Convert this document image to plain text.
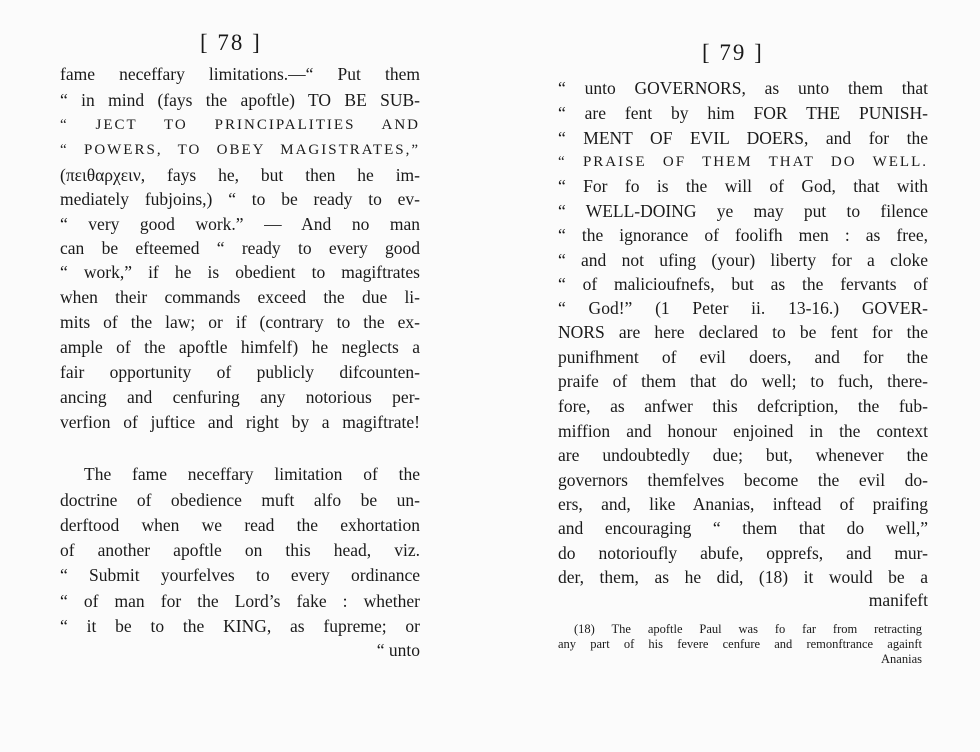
[ 78 ]
fame neceffary limitations.—“ Put them
“ in mind (fays the apoftle) TO BE SUB-
“ JECT TO PRINCIPALITIES AND
“ POWERS, TO OBEY MAGISTRATES,”
(πειθαρχειν, fays he, but then he im-
mediately fubjoins,) “ to be ready to ev-
“ very good work.” — And no man
can be efteemed “ ready to every good
“ work,” if he is obedient to magiftrates
when their commands exceed the due li-
mits of the law; or if (contrary to the ex-
ample of the apoftle himfelf) he neglects a
fair opportunity of publicly difcounten-
ancing and cenfuring any notorious per-
verfion of juftice and right by a magiftrate!
The fame neceffary limitation of the
doctrine of obedience muft alfo be un-
derftood when we read the exhortation
of another apoftle on this head, viz.
“ Submit yourfelves to every ordinance
“ of man for the Lord’s fake : whether
“ it be to the KING, as fupreme; or
“ unto
[ 79 ]
“ unto GOVERNORS, as unto them that
“ are fent by him FOR THE PUNISH-
“ MENT OF EVIL DOERS, and for the
“ PRAISE OF THEM THAT DO WELL.
“ For fo is the will of God, that with
“ WELL-DOING ye may put to filence
“ the ignorance of foolifh men : as free,
“ and not ufing (your) liberty for a cloke
“ of malicioufnefs, but as the fervants of
“ God!” (1 Peter ii. 13-16.) GOVER-
NORS are here declared to be fent for the
punifhment of evil doers, and for the
praife of them that do well; to fuch, there-
fore, as anfwer this defcription, the fub-
miffion and honour enjoined in the context
are undoubtedly due; but, whenever the
governors themfelves become the evil do-
ers, and, like Ananias, inftead of praifing
and encouraging “ them that do well,”
do notorioufly abufe, opprefs, and mur-
der, them, as he did, (18) it would be a
manifeft
(18) The apoftle Paul was fo far from retracting
any part of his fevere cenfure and remonftrance againft
Ananias
